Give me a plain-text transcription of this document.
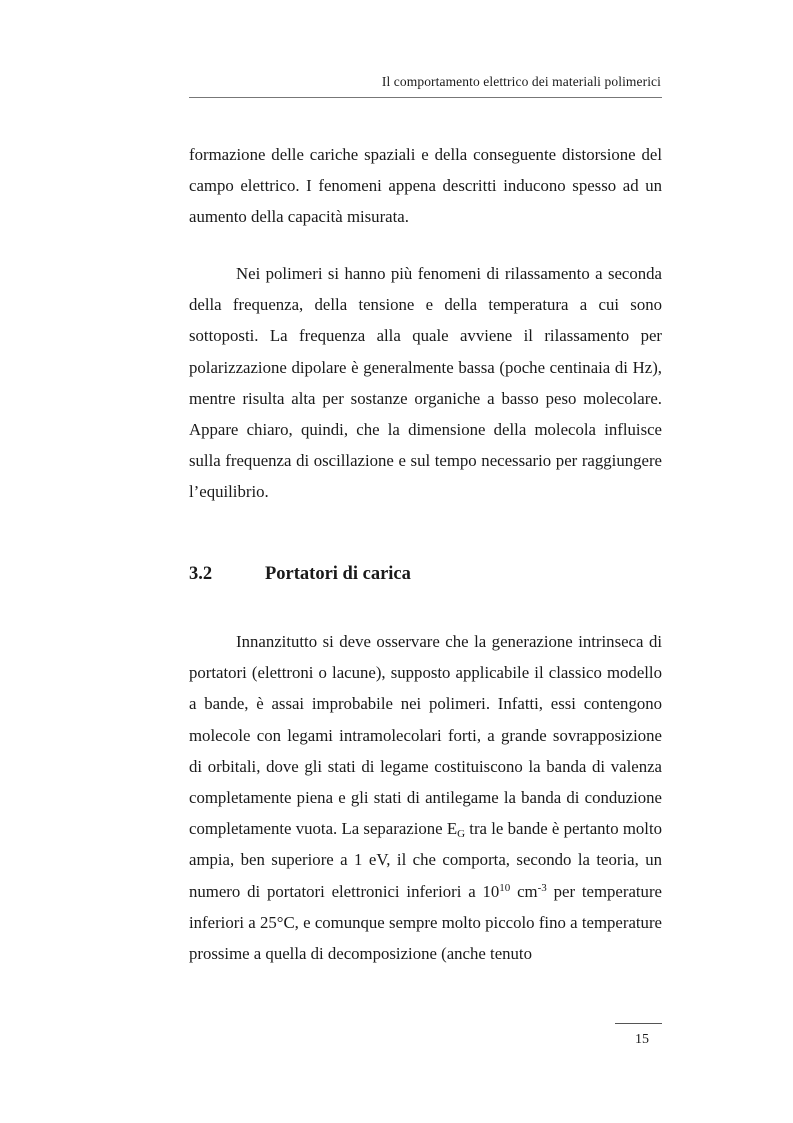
Il comportamento elettrico dei materiali polimerici

formazione delle cariche spaziali e della conseguente distorsione del campo elettrico. I fenomeni appena descritti inducono spesso ad un aumento della capacità misurata.

Nei polimeri si hanno più fenomeni di rilassamento a seconda della frequenza, della tensione e della temperatura a cui sono sottoposti. La frequenza alla quale avviene il rilassamento per polarizzazione dipolare è generalmente bassa (poche centinaia di Hz), mentre risulta alta per sostanze organiche a basso peso molecolare. Appare chiaro, quindi, che la dimensione della molecola influisce sulla frequenza di oscillazione e sul tempo necessario per raggiungere l’equilibrio.

3.2	Portatori di carica

Innanzitutto si deve osservare che la generazione intrinseca di portatori (elettroni o lacune), supposto applicabile il classico modello a bande, è assai improbabile nei polimeri. Infatti, essi contengono molecole con legami intramolecolari forti, a grande sovrapposizione di orbitali, dove gli stati di legame costituiscono la banda di valenza completamente piena e gli stati di antilegame la banda di conduzione completamente vuota. La separazione $E_G$ tra le bande è pertanto molto ampia, ben superiore a 1 eV, il che comporta, secondo la teoria, un numero di portatori elettronici inferiori a $10^{10}$ $cm^{-3}$ per temperature inferiori a 25°C, e comunque sempre molto piccolo fino a temperature prossime a quella di decomposizione (anche tenuto

15
